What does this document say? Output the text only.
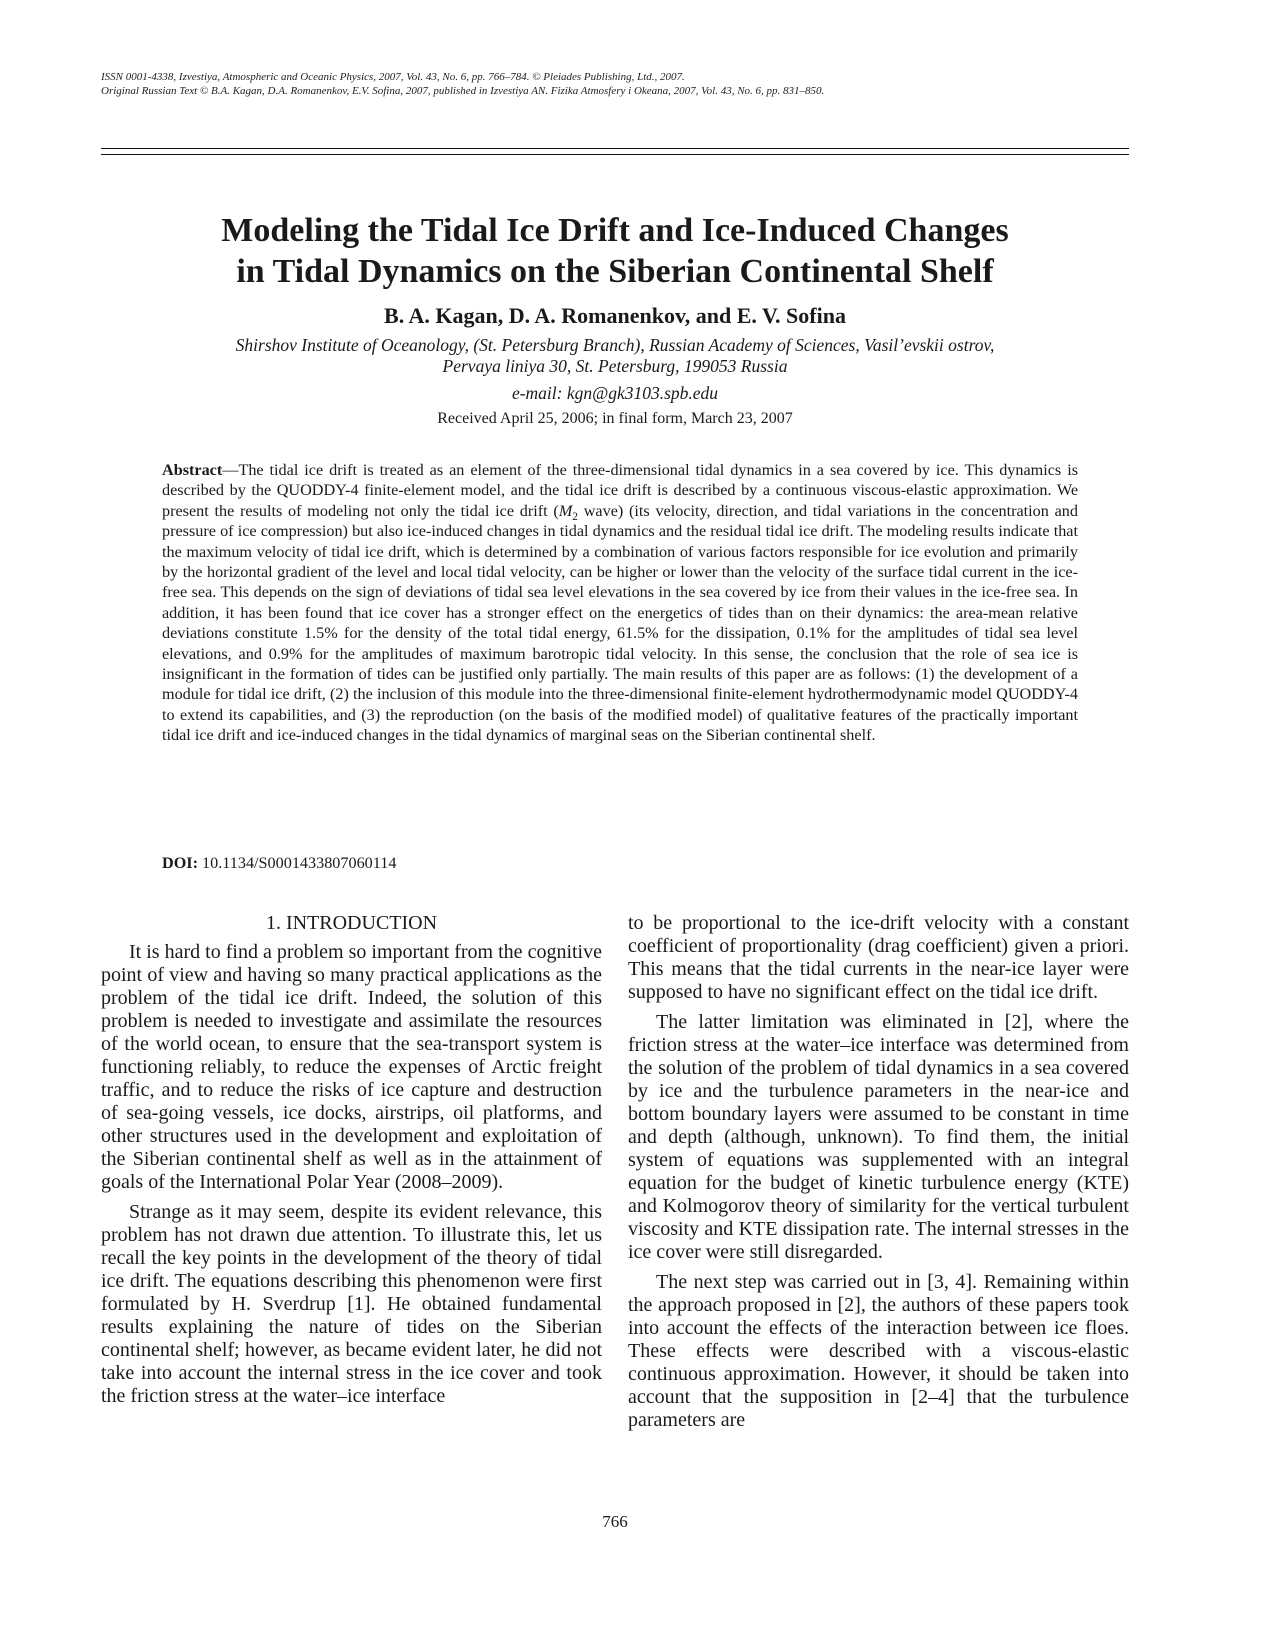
ISSN 0001-4338, Izvestiya, Atmospheric and Oceanic Physics, 2007, Vol. 43, No. 6, pp. 766–784. © Pleiades Publishing, Ltd., 2007.
Original Russian Text © B.A. Kagan, D.A. Romanenkov, E.V. Sofina, 2007, published in Izvestiya AN. Fizika Atmosfery i Okeana, 2007, Vol. 43, No. 6, pp. 831–850.
Modeling the Tidal Ice Drift and Ice-Induced Changes
in Tidal Dynamics on the Siberian Continental Shelf
B. A. Kagan, D. A. Romanenkov, and E. V. Sofina
Shirshov Institute of Oceanology, (St. Petersburg Branch), Russian Academy of Sciences, Vasil’evskii ostrov,
Pervaya liniya 30, St. Petersburg, 199053 Russia
e-mail: kgn@gk3103.spb.edu
Received April 25, 2006; in final form, March 23, 2007
Abstract—The tidal ice drift is treated as an element of the three-dimensional tidal dynamics in a sea covered by ice. This dynamics is described by the QUODDY-4 finite-element model, and the tidal ice drift is described by a continuous viscous-elastic approximation. We present the results of modeling not only the tidal ice drift ($M_2$ wave) (its velocity, direction, and tidal variations in the concentration and pressure of ice compression) but also ice-induced changes in tidal dynamics and the residual tidal ice drift. The modeling results indicate that the maximum velocity of tidal ice drift, which is determined by a combination of various factors responsible for ice evolution and primarily by the horizontal gradient of the level and local tidal velocity, can be higher or lower than the velocity of the surface tidal current in the ice-free sea. This depends on the sign of deviations of tidal sea level elevations in the sea covered by ice from their values in the ice-free sea. In addition, it has been found that ice cover has a stronger effect on the energetics of tides than on their dynamics: the area-mean relative deviations constitute 1.5% for the density of the total tidal energy, 61.5% for the dissipation, 0.1% for the amplitudes of tidal sea level elevations, and 0.9% for the amplitudes of maximum barotropic tidal velocity. In this sense, the conclusion that the role of sea ice is insignificant in the formation of tides can be justified only partially. The main results of this paper are as follows: (1) the development of a module for tidal ice drift, (2) the inclusion of this module into the three-dimensional finite-element hydrothermodynamic model QUODDY-4 to extend its capabilities, and (3) the reproduction (on the basis of the modified model) of qualitative features of the practically important tidal ice drift and ice-induced changes in the tidal dynamics of marginal seas on the Siberian continental shelf.
DOI: 10.1134/S0001433807060114
1. INTRODUCTION

It is hard to find a problem so important from the cognitive point of view and having so many practical applications as the problem of the tidal ice drift. Indeed, the solution of this problem is needed to investigate and assimilate the resources of the world ocean, to ensure that the sea-transport system is functioning reliably, to reduce the expenses of Arctic freight traffic, and to reduce the risks of ice capture and destruction of sea-going vessels, ice docks, airstrips, oil platforms, and other structures used in the development and exploitation of the Siberian continental shelf as well as in the attainment of goals of the International Polar Year (2008–2009).

Strange as it may seem, despite its evident relevance, this problem has not drawn due attention. To illustrate this, let us recall the key points in the development of the theory of tidal ice drift. The equations describing this phenomenon were first formulated by H. Sverdrup [1]. He obtained fundamental results explaining the nature of tides on the Siberian continental shelf; however, as became evident later, he did not take into account the internal stress in the ice cover and took the friction stress at the water–ice interface

to be proportional to the ice-drift velocity with a constant coefficient of proportionality (drag coefficient) given a priori. This means that the tidal currents in the near-ice layer were supposed to have no significant effect on the tidal ice drift.

The latter limitation was eliminated in [2], where the friction stress at the water–ice interface was determined from the solution of the problem of tidal dynamics in a sea covered by ice and the turbulence parameters in the near-ice and bottom boundary layers were assumed to be constant in time and depth (although, unknown). To find them, the initial system of equations was supplemented with an integral equation for the budget of kinetic turbulence energy (KTE) and Kolmogorov theory of similarity for the vertical turbulent viscosity and KTE dissipation rate. The internal stresses in the ice cover were still disregarded.

The next step was carried out in [3, 4]. Remaining within the approach proposed in [2], the authors of these papers took into account the effects of the interaction between ice floes. These effects were described with a viscous-elastic continuous approximation. However, it should be taken into account that the supposition in [2–4] that the turbulence parameters are

766
